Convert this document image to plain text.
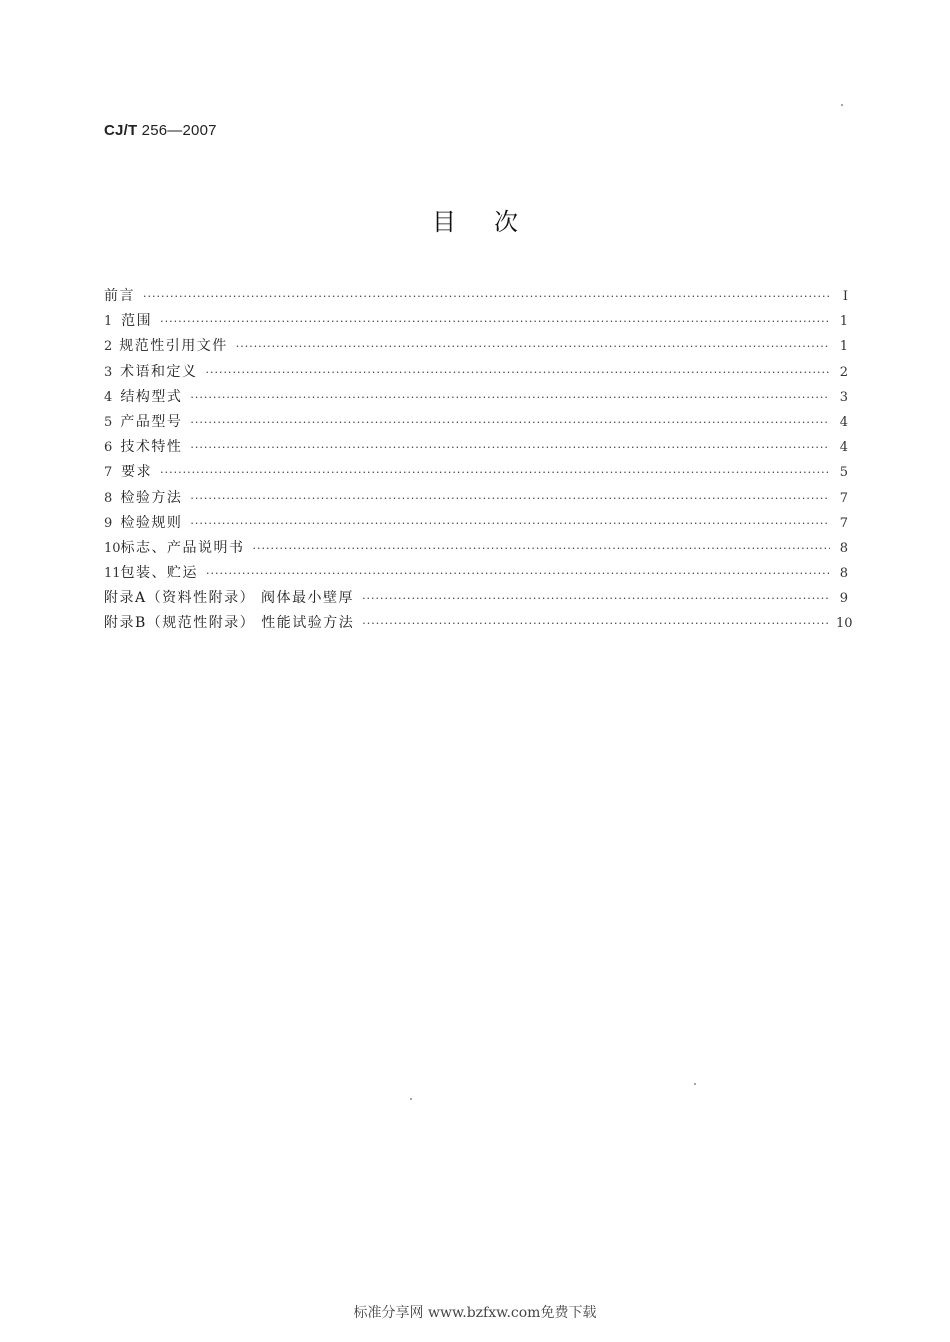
CJ/T 256—2007
目次
前言 ·····	I
1 范围 ·····	1
2 规范性引用文件 ·····	1
3 术语和定义 ·····	2
4 结构型式 ·····	3
5 产品型号 ·····	4
6 技术特性 ·····	4
7 要求 ·····	5
8 检验方法 ·····	7
9 检验规则 ·····	7
10 标志、产品说明书 ·····	8
11 包装、贮运 ·····	8
附录A（资料性附录） 阀体最小壁厚 ·····	9
附录B（规范性附录） 性能试验方法 ·····	10
标准分享网 www.bzfxw.com免费下载
